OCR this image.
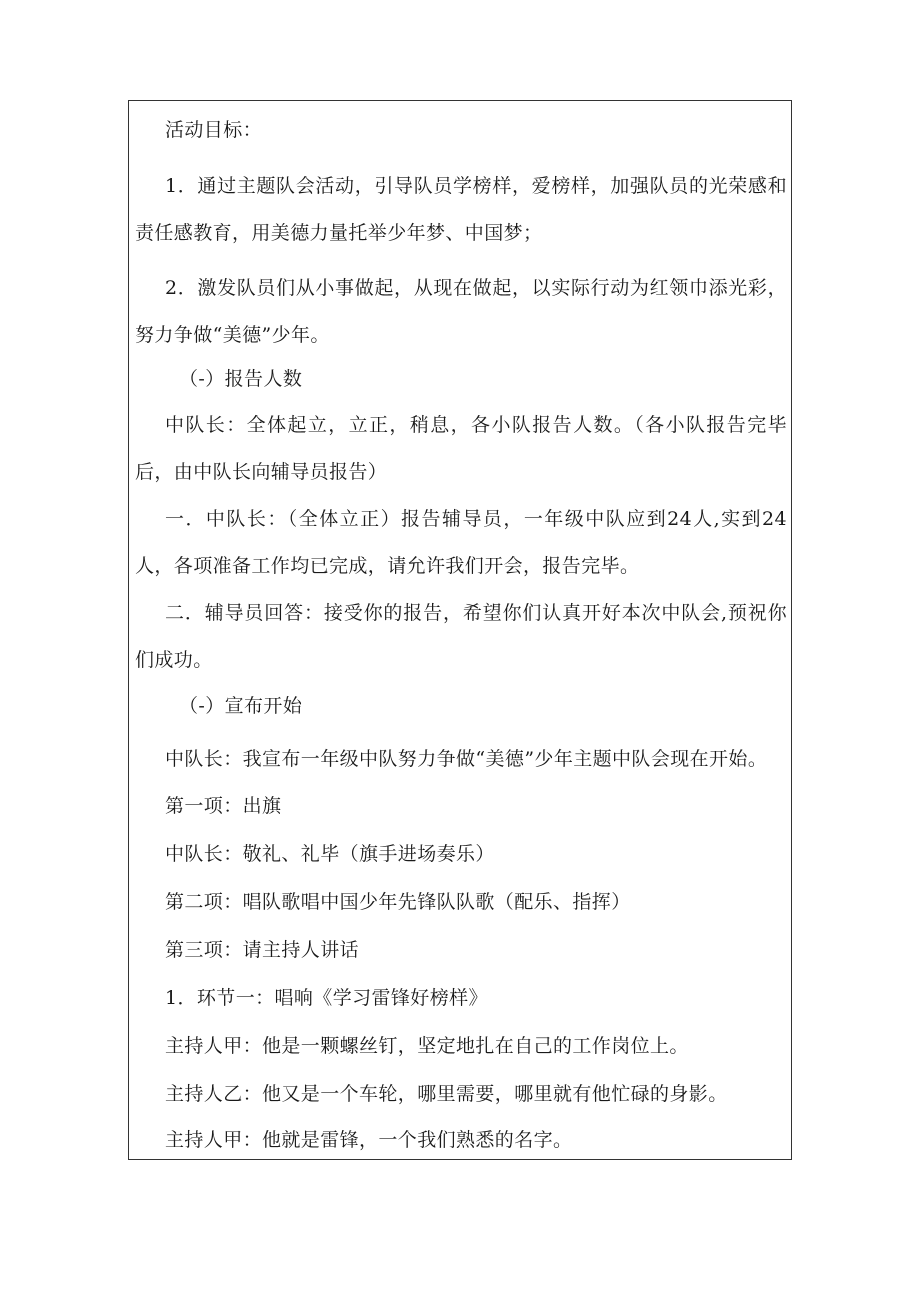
活动目标：

1．通过主题队会活动，引导队员学榜样，爱榜样，加强队员的光荣感和责任感教育，用美德力量托举少年梦、中国梦；

2．激发队员们从小事做起，从现在做起，以实际行动为红领巾添光彩，努力争做“美德”少年。

（-）报告人数

中队长：全体起立，立正，稍息，各小队报告人数。（各小队报告完毕后，由中队长向辅导员报告）

一．中队长：（全体立正）报告辅导员，一年级中队应到24人,实到24人，各项准备工作均已完成，请允许我们开会，报告完毕。

二．辅导员回答：接受你的报告，希望你们认真开好本次中队会,预祝你们成功。

（-）宣布开始

中队长：我宣布一年级中队努力争做“美德”少年主题中队会现在开始。

第一项：出旗

中队长：敬礼、礼毕（旗手进场奏乐）

第二项：唱队歌唱中国少年先锋队队歌（配乐、指挥）

第三项：请主持人讲话

1．环节一：唱响《学习雷锋好榜样》

主持人甲：他是一颗螺丝钉，坚定地扎在自己的工作岗位上。

主持人乙：他又是一个车轮，哪里需要，哪里就有他忙碌的身影。

主持人甲：他就是雷锋，一个我们熟悉的名字。
